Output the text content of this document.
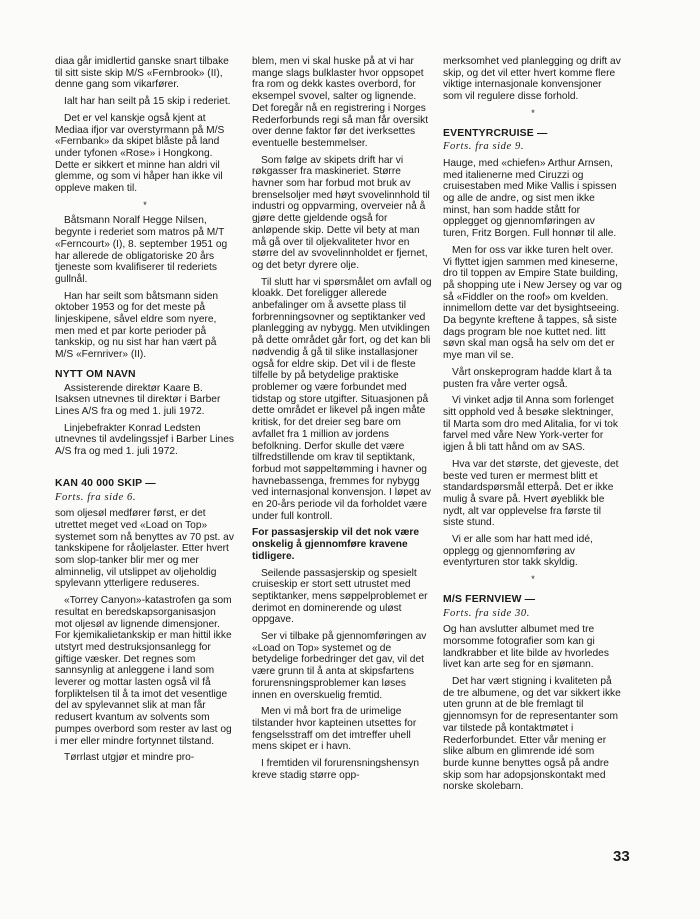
diaa går imidlertid ganske snart tilbake til sitt siste skip M/S «Fernbrook» (II), denne gang som vikarfører.

Ialt har han seilt på 15 skip i rederiet.

Det er vel kanskje også kjent at Mediaa ifjor var overstyrmann på M/S «Fernbank» da skipet blåste på land under tyfonen «Rose» i Hongkong. Dette er sikkert et minne han aldri vil glemme, og som vi håper han ikke vil oppleve maken til.

*

Båtsmann Noralf Hegge Nilsen, begynte i rederiet som matros på M/T «Ferncourt» (I), 8. september 1951 og har allerede de obligatoriske 20 års tjeneste som kvalifiserer til rederiets gullnål.

Han har seilt som båtsmann siden oktober 1953 og for det meste på linjeskipene, såvel eldre som nyere, men med et par korte perioder på tankskip, og nu sist har han vært på M/S «Fernriver» (II).

NYTT OM NAVN

Assisterende direktør Kaare B. Isaksen utnevnes til direktør i Barber Lines A/S fra og med 1. juli 1972.

Linjebefrakter Konrad Ledsten utnevnes til avdelingssjef i Barber Lines A/S fra og med 1. juli 1972.

KAN 40 000 SKIP —

Forts. fra side 6.

som oljesøl medfører først, er det utrettet meget ved «Load on Top» systemet som nå benyttes av 70 pst. av tankskipene for råoljelaster. Etter hvert som slop-tanker blir mer og mer alminnelig, vil utslippet av oljeholdig spylevann ytterligere reduseres.

«Torrey Canyon»-katastrofen ga som resultat en beredskapsorganisasjon mot oljesøl av lignende dimensjoner. For kjemikalietankskip er man hittil ikke utstyrt med destruksjonsanlegg for giftige væsker. Det regnes som sannsynlig at anleggene i land som leverer og mottar lasten også vil få forpliktelsen til å ta imot det vesentlige del av spylevannet slik at man får redusert kvantum av solvents som pumpes overbord som rester av last og i mer eller mindre fortynnet tilstand.

Tørrlast utgjør et mindre pro-

blem, men vi skal huske på at vi har mange slags bulklaster hvor oppsopet fra rom og dekk kastes overbord, for eksempel svovel, salter og lignende. Det foregår nå en registrering i Norges Rederforbunds regi så man får oversikt over denne faktor før det iverksettes eventuelle bestemmelser.

Som følge av skipets drift har vi røkgasser fra maskineriet. Større havner som har forbud mot bruk av brenselsoljer med høyt svovelinnhold til industri og oppvarming, overveier nå å gjøre dette gjeldende også for anløpende skip. Dette vil bety at man må gå over til oljekvaliteter hvor en større del av svovelinnholdet er fjernet, og det betyr dyrere olje.

Til slutt har vi spørsmålet om avfall og kloakk. Det foreligger allerede anbefalinger om å avsette plass til forbrenningsovner og septiktanker ved planlegging av nybygg. Men utviklingen på dette området går fort, og det kan bli nødvendig å gå til slike installasjoner også for eldre skip. Det vil i de fleste tilfelle by på betydelige praktiske problemer og være forbundet med tidstap og store utgifter. Situasjonen på dette området er likevel på ingen måte kritisk, for det dreier seg bare om avfallet fra 1 million av jordens befolkning. Derfor skulle det være tilfredstillende om krav til septiktank, forbud mot søppeltømming i havner og havnebassenga, fremmes for nybygg ved internasjonal konvensjon. I løpet av en 20-års periode vil da forholdet være under full kontroll.

For passasjerskip vil det nok være onskelig å gjennomføre kravene tidligere.

Seilende passasjerskip og spesielt cruiseskip er stort sett utrustet med septiktanker, mens søppelproblemet er derimot en dominerende og uløst oppgave.

Ser vi tilbake på gjennomføringen av «Load on Top» systemet og de betydelige forbedringer det gav, vil det være grunn til å anta at skipsfartens forurensningsproblemer kan løses innen en overskuelig fremtid.

Men vi må bort fra de urimelige tilstander hvor kapteinen utsettes for fengselsstraff om det imtreffer uhell mens skipet er i havn.

I fremtiden vil forurensningshensyn kreve stadig større opp-

merksomhet ved planlegging og drift av skip, og det vil etter hvert komme flere viktige internasjonale konvensjoner som vil regulere disse forhold.

*
EVENTYRCRUISE —

Forts. fra side 9.

Hauge, med «chiefen» Arthur Arnsen, med italienerne med Ciruzzi og cruisestaben med Mike Vallis i spissen og alle de andre, og sist men ikke minst, han som hadde stått for opplegget og gjennomføringen av turen, Fritz Borgen. Full honnør til alle.

Men for oss var ikke turen helt over. Vi flyttet igjen sammen med kineserne, dro til toppen av Empire State building, på shopping ute i New Jersey og var og så «Fiddler on the roof» om kvelden. innimellom dette var det bysightseeing. Da begynte kreftene å tappes, så siste dags program ble noe kuttet ned. litt søvn skal man også ha selv om det er mye man vil se.

Vårt onskeprogram hadde klart å ta pusten fra våre verter også.

Vi vinket adjø til Anna som forlenget sitt opphold ved å besøke slektninger, til Marta som dro med Alitalia, for vi tok farvel med våre New York-verter for igjen å bli tatt hånd om av SAS.

Hva var det største, det gjeveste, det beste ved turen er mermest blitt et standardspørsmål etterpå. Det er ikke mulig å svare på. Hvert øyeblikk ble nydt, alt var opplevelse fra første til siste stund.

Vi er alle som har hatt med idé, opplegg og gjennomføring av eventyrturen stor takk skyldig.

*
M/S FERNVIEW —

Forts. fra side 30.

Og han avslutter albumet med tre morsomme fotografier som kan gi landkrabber et lite bilde av hvorledes livet kan arte seg for en sjømann.

Det har vært stigning i kvaliteten på de tre albumene, og det var sikkert ikke uten grunn at de ble fremlagt til gjennomsyn for de representanter som var tilstede på kontaktmøtet i Rederforbundet. Etter vår mening er slike album en glimrende idé som burde kunne benyttes også på andre skip som har adopsjonskontakt med norske skolebarn.

33
